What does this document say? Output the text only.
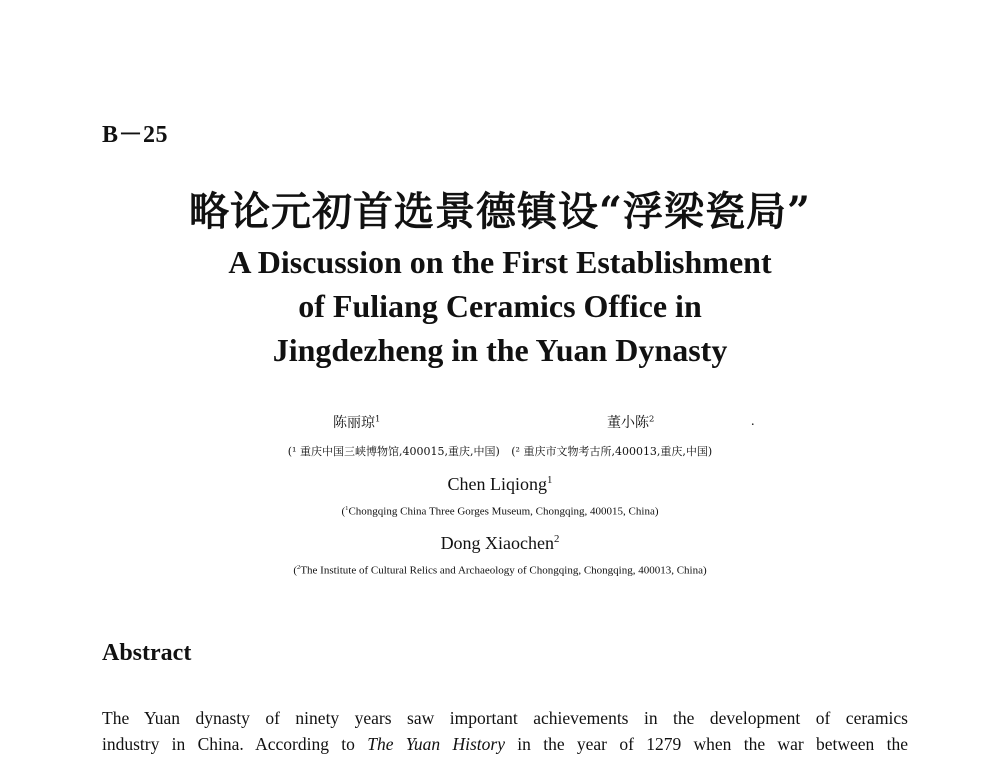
B－25
略论元初首选景德镇设“浮梁瓷局”
A Discussion on the First Establishment
of Fuliang Ceramics Office in
Jingdezheng in the Yuan Dynasty
陈丽琼$^1$	董小陈$^2$	.
(¹ 重庆中国三峡博物馆,400015,重庆,中国) (² 重庆市文物考古所,400013,重庆,中国)
Chen Liqiong$^1$
($^1$Chongqing China Three Gorges Museum, Chongqing, 400015, China)
Dong Xiaochen$^2$
($^2$The Institute of Cultural Relics and Archaeology of Chongqing, Chongqing, 400013, China)
Abstract
The Yuan dynasty of ninety years saw important achievements in the development of ceramics
industry in China. According to The Yuan History in the year of 1279 when the war between the
